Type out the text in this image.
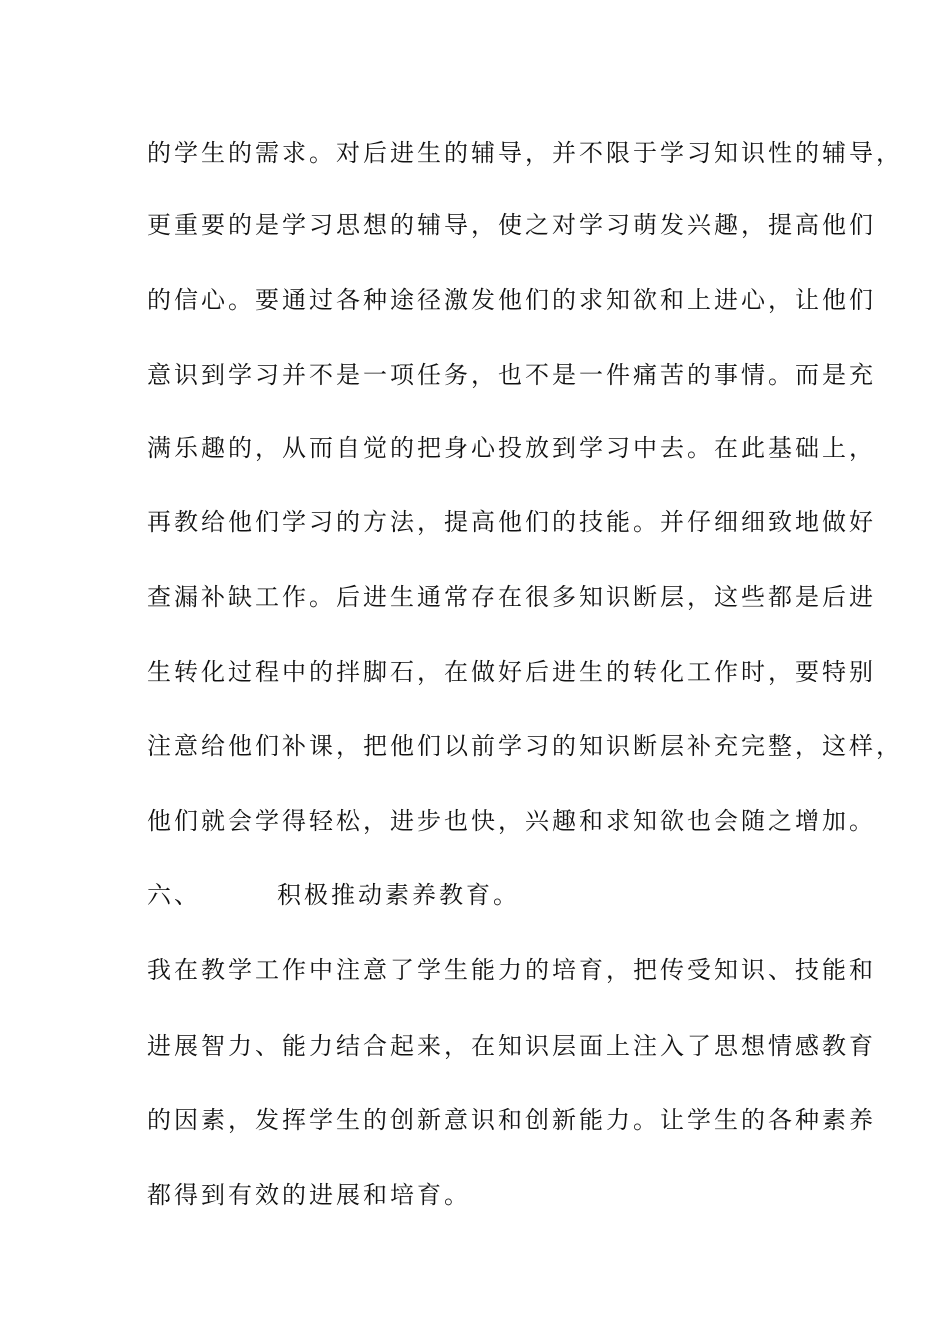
的学生的需求。对后进生的辅导，并不限于学习知识性的辅导，
更重要的是学习思想的辅导，使之对学习萌发兴趣，提高他们
的信心。要通过各种途径激发他们的求知欲和上进心，让他们
意识到学习并不是一项任务，也不是一件痛苦的事情。而是充
满乐趣的，从而自觉的把身心投放到学习中去。在此基础上，
再教给他们学习的方法，提高他们的技能。并仔细细致地做好
查漏补缺工作。后进生通常存在很多知识断层，这些都是后进
生转化过程中的拌脚石，在做好后进生的转化工作时，要特别
注意给他们补课，把他们以前学习的知识断层补充完整，这样，
他们就会学得轻松，进步也快，兴趣和求知欲也会随之增加。
六、	积极推动素养教育。
我在教学工作中注意了学生能力的培育，把传受知识、技能和
进展智力、能力结合起来，在知识层面上注入了思想情感教育
的因素，发挥学生的创新意识和创新能力。让学生的各种素养
都得到有效的进展和培育。
